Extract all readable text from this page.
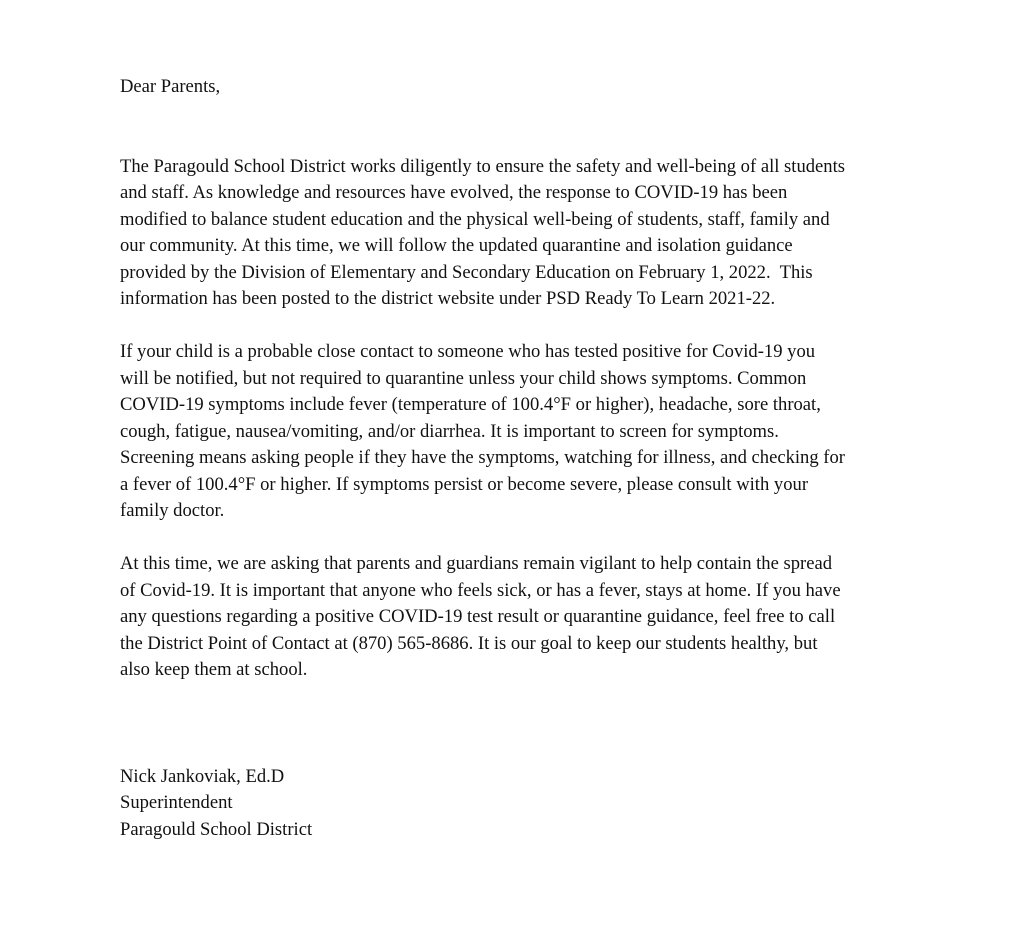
Dear Parents,

The Paragould School District works diligently to ensure the safety and well-being of all students
and staff. As knowledge and resources have evolved, the response to COVID-19 has been
modified to balance student education and the physical well-being of students, staff, family and
our community. At this time, we will follow the updated quarantine and isolation guidance
provided by the Division of Elementary and Secondary Education on February 1, 2022.  This
information has been posted to the district website under PSD Ready To Learn 2021-22.

If your child is a probable close contact to someone who has tested positive for Covid-19 you
will be notified, but not required to quarantine unless your child shows symptoms. Common
COVID-19 symptoms include fever (temperature of 100.4°F or higher), headache, sore throat,
cough, fatigue, nausea/vomiting, and/or diarrhea. It is important to screen for symptoms.
Screening means asking people if they have the symptoms, watching for illness, and checking for
a fever of 100.4°F or higher. If symptoms persist or become severe, please consult with your
family doctor.

At this time, we are asking that parents and guardians remain vigilant to help contain the spread
of Covid-19. It is important that anyone who feels sick, or has a fever, stays at home. If you have
any questions regarding a positive COVID-19 test result or quarantine guidance, feel free to call
the District Point of Contact at (870) 565-8686. It is our goal to keep our students healthy, but
also keep them at school.

Nick Jankoviak, Ed.D
Superintendent
Paragould School District
